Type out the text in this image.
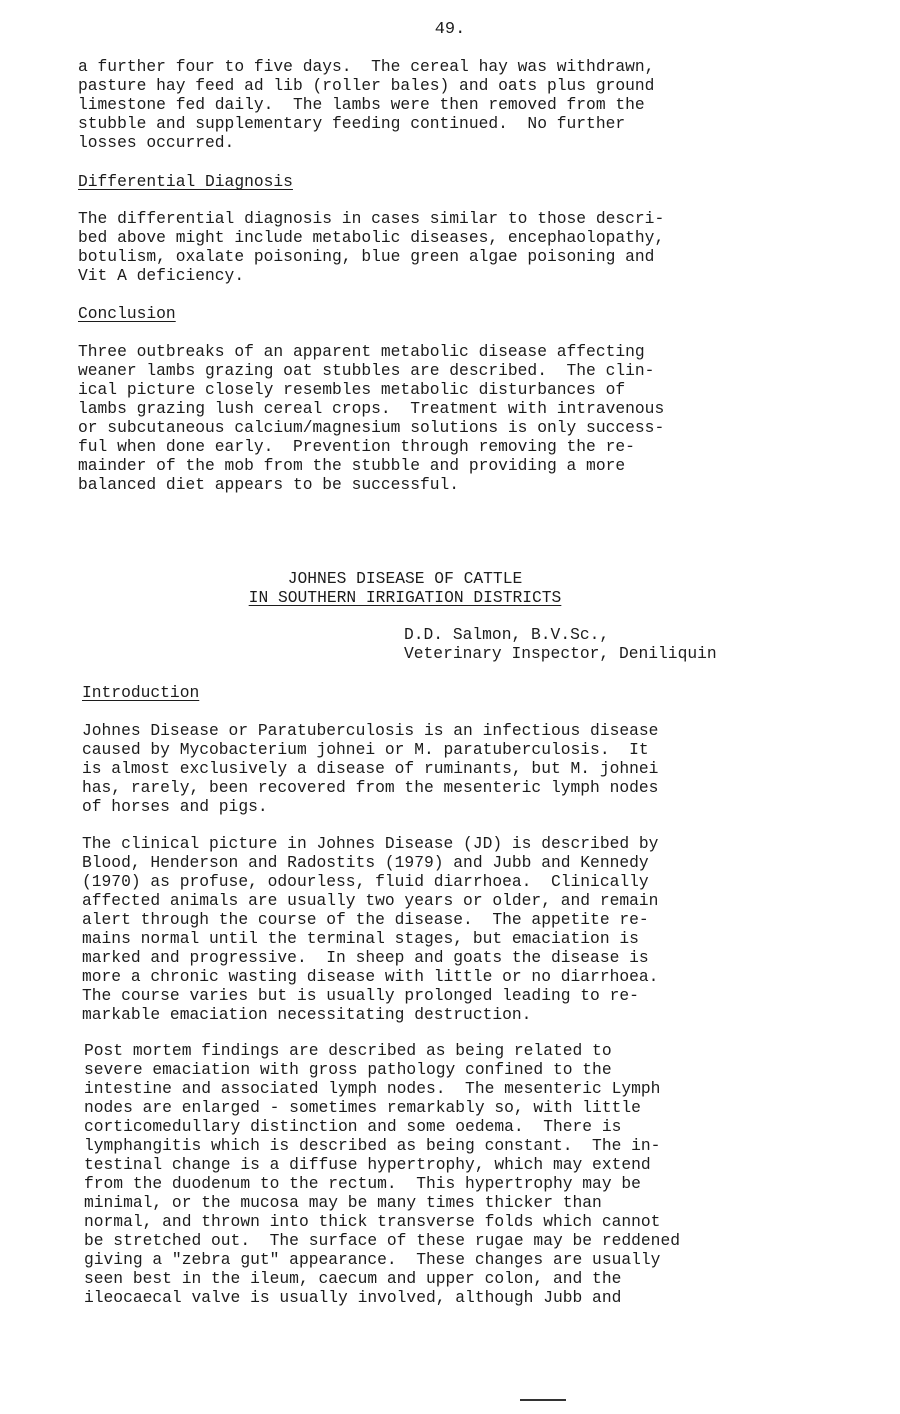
49.

a further four to five days.  The cereal hay was withdrawn,

pasture hay feed ad lib (roller bales) and oats plus ground

limestone fed daily.  The lambs were then removed from the

stubble and supplementary feeding continued.  No further

losses occurred.

Differential Diagnosis

The differential diagnosis in cases similar to those descri-

bed above might include metabolic diseases, encephaolopathy,

botulism, oxalate poisoning, blue green algae poisoning and

Vit A deficiency.

Conclusion

Three outbreaks of an apparent metabolic disease affecting

weaner lambs grazing oat stubbles are described.  The clin-

ical picture closely resembles metabolic disturbances of

lambs grazing lush cereal crops.  Treatment with intravenous

or subcutaneous calcium/magnesium solutions is only success-

ful when done early.  Prevention through removing the re-

mainder of the mob from the stubble and providing a more

balanced diet appears to be successful.

JOHNES DISEASE OF CATTLE
IN SOUTHERN IRRIGATION DISTRICTS
D.D. Salmon, B.V.Sc.,
Veterinary Inspector, Deniliquin
Introduction

Johnes Disease or Paratuberculosis is an infectious disease

caused by Mycobacterium johnei or M. paratuberculosis.  It

is almost exclusively a disease of ruminants, but M. johnei

has, rarely, been recovered from the mesenteric lymph nodes

of horses and pigs.

The clinical picture in Johnes Disease (JD) is described by

Blood, Henderson and Radostits (1979) and Jubb and Kennedy

(1970) as profuse, odourless, fluid diarrhoea.  Clinically

affected animals are usually two years or older, and remain

alert through the course of the disease.  The appetite re-

mains normal until the terminal stages, but emaciation is

marked and progressive.  In sheep and goats the disease is

more a chronic wasting disease with little or no diarrhoea.

The course varies but is usually prolonged leading to re-

markable emaciation necessitating destruction.

Post mortem findings are described as being related to

severe emaciation with gross pathology confined to the

intestine and associated lymph nodes.  The mesenteric Lymph

nodes are enlarged - sometimes remarkably so, with little

corticomedullary distinction and some oedema.  There is

lymphangitis which is described as being constant.  The in-

testinal change is a diffuse hypertrophy, which may extend

from the duodenum to the rectum.  This hypertrophy may be

minimal, or the mucosa may be many times thicker than

normal, and thrown into thick transverse folds which cannot

be stretched out.  The surface of these rugae may be reddened

giving a "zebra gut" appearance.  These changes are usually

seen best in the ileum, caecum and upper colon, and the

ileocaecal valve is usually involved, although Jubb and
